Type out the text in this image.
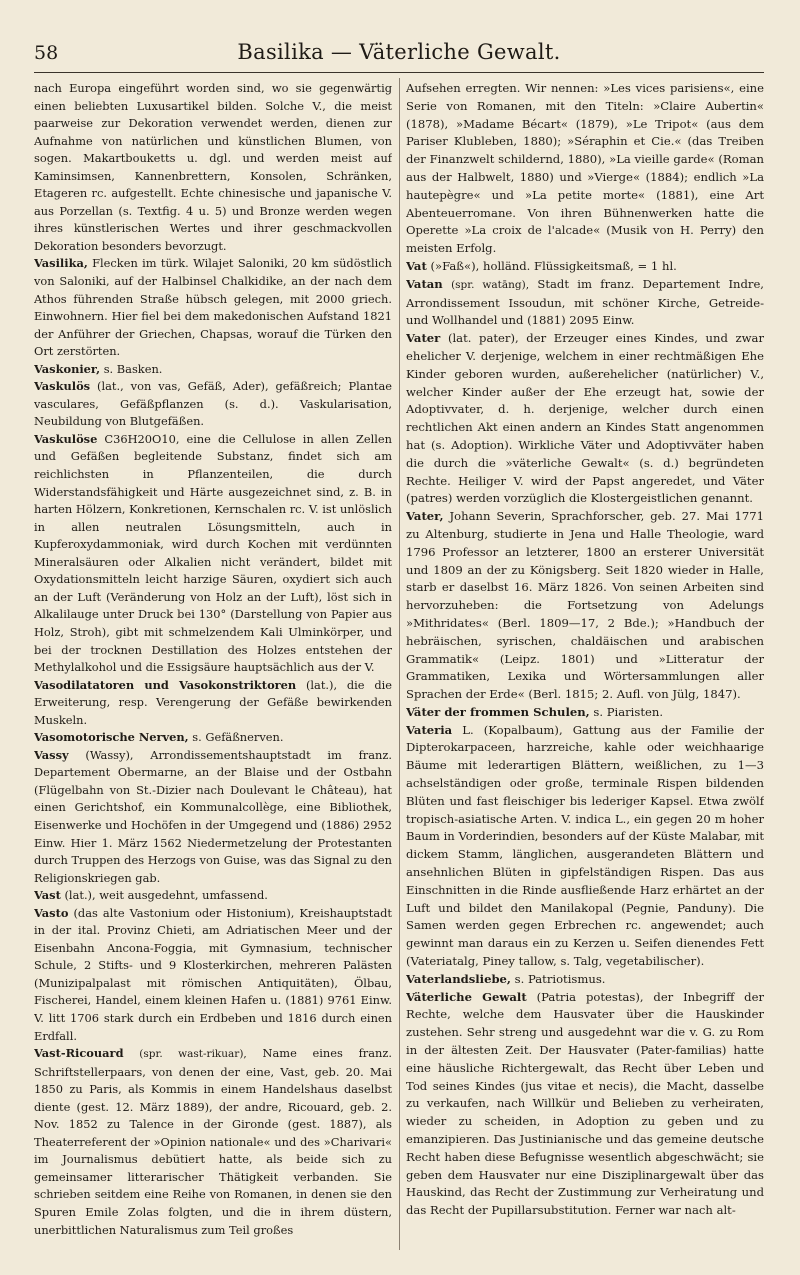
58	Basilika — Väterliche Gewalt.

nach Europa eingeführt worden sind, wo sie gegenwärtig einen beliebten Luxusartikel bilden. Solche V., die meist paarweise zur Dekoration verwendet werden, dienen zur Aufnahme von natürlichen und künstlichen Blumen, von sogen. Makartbouketts u. dgl. und werden meist auf Kaminsimsen, Kannenbrettern, Konsolen, Schränken, Etageren rc. aufgestellt. Echte chinesische und japanische V. aus Porzellan (s. Textfig. 4 u. 5) und Bronze werden wegen ihres künstlerischen Wertes und ihrer geschmackvollen Dekoration besonders bevorzugt.

Vasilika, Flecken im türk. Wilajet Saloniki, 20 km südöstlich von Saloniki, auf der Halbinsel Chalkidike, an der nach dem Athos führenden Straße hübsch gelegen, mit 2000 griech. Einwohnern. Hier fiel bei dem makedonischen Aufstand 1821 der Anführer der Griechen, Chapsas, worauf die Türken den Ort zerstörten.

Vaskonier, s. Basken.

Vaskulös (lat., von vas, Gefäß, Ader), gefäßreich; Plantae vasculares, Gefäßpflanzen (s. d.). Vaskularisation, Neubildung von Blutgefäßen.

Vaskulöse C36H20O10, eine die Cellulose in allen Zellen und Gefäßen begleitende Substanz, findet sich am reichlichsten in Pflanzenteilen, die durch Widerstandsfähigkeit und Härte ausgezeichnet sind, z. B. in harten Hölzern, Konkretionen, Kernschalen rc. V. ist unlöslich in allen neutralen Lösungsmitteln, auch in Kupferoxydammoniak, wird durch Kochen mit verdünnten Mineralsäuren oder Alkalien nicht verändert, bildet mit Oxydationsmitteln leicht harzige Säuren, oxydiert sich auch an der Luft (Veränderung von Holz an der Luft), löst sich in Alkalilauge unter Druck bei 130° (Darstellung von Papier aus Holz, Stroh), gibt mit schmelzendem Kali Ulminkörper, und bei der trocknen Destillation des Holzes entstehen der Methylalkohol und die Essigsäure hauptsächlich aus der V.

Vasodilatatoren und Vasokonstriktoren (lat.), die die Erweiterung, resp. Verengerung der Gefäße bewirkenden Muskeln.

Vasomotorische Nerven, s. Gefäßnerven.

Vassy (Wassy), Arrondissementshauptstadt im franz. Departement Obermarne, an der Blaise und der Ostbahn (Flügelbahn von St.-Dizier nach Doulevant le Château), hat einen Gerichtshof, ein Kommunalcollège, eine Bibliothek, Eisenwerke und Hochöfen in der Umgegend und (1886) 2952 Einw. Hier 1. März 1562 Niedermetzelung der Protestanten durch Truppen des Herzogs von Guise, was das Signal zu den Religionskriegen gab.

Vast (lat.), weit ausgedehnt, umfassend.

Vasto (das alte Vastonium oder Histonium), Kreishauptstadt in der ital. Provinz Chieti, am Adriatischen Meer und der Eisenbahn Ancona-Foggia, mit Gymnasium, technischer Schule, 2 Stifts- und 9 Klosterkirchen, mehreren Palästen (Munizipalpalast mit römischen Antiquitäten), Ölbau, Fischerei, Handel, einem kleinen Hafen u. (1881) 9761 Einw. V. litt 1706 stark durch ein Erdbeben und 1816 durch einen Erdfall.

Vast-Ricouard (spr. wast-rikuar), Name eines franz. Schriftstellerpaars, von denen der eine, Vast, geb. 20. Mai 1850 zu Paris, als Kommis in einem Handelshaus daselbst diente (gest. 12. März 1889), der andre, Ricouard, geb. 2. Nov. 1852 zu Talence in der Gironde (gest. 1887), als Theaterreferent der »Opinion nationale« und des »Charivari« im Journalismus debütiert hatte, als beide sich zu gemeinsamer litterarischer Thätigkeit verbanden. Sie schrieben seitdem eine Reihe von Romanen, in denen sie den Spuren Emile Zolas folgten, und die in ihrem düstern, unerbittlichen Naturalismus zum Teil großes

Aufsehen erregten. Wir nennen: »Les vices parisiens«, eine Serie von Romanen, mit den Titeln: »Claire Aubertin« (1878), »Madame Bécart« (1879), »Le Tripot« (aus dem Pariser Klubleben, 1880); »Séraphin et Cie.« (das Treiben der Finanzwelt schildernd, 1880), »La vieille garde« (Roman aus der Halbwelt, 1880) und »Vierge« (1884); endlich »La hautepègre« und »La petite morte« (1881), eine Art Abenteuerromane. Von ihren Bühnenwerken hatte die Operette »La croix de l'alcade« (Musik von H. Perry) den meisten Erfolg.

Vat (»Faß«), holländ. Flüssigkeitsmaß, = 1 hl.

Vatan (spr. watāng), Stadt im franz. Departement Indre, Arrondissement Issoudun, mit schöner Kirche, Getreide- und Wollhandel und (1881) 2095 Einw.

Vater (lat. pater), der Erzeuger eines Kindes, und zwar ehelicher V. derjenige, welchem in einer rechtmäßigen Ehe Kinder geboren wurden, außerehelicher (natürlicher) V., welcher Kinder außer der Ehe erzeugt hat, sowie der Adoptivvater, d. h. derjenige, welcher durch einen rechtlichen Akt einen andern an Kindes Statt angenommen hat (s. Adoption). Wirkliche Väter und Adoptivväter haben die durch die »väterliche Gewalt« (s. d.) begründeten Rechte. Heiliger V. wird der Papst angeredet, und Väter (patres) werden vorzüglich die Klostergeistlichen genannt.

Vater, Johann Severin, Sprachforscher, geb. 27. Mai 1771 zu Altenburg, studierte in Jena und Halle Theologie, ward 1796 Professor an letzterer, 1800 an ersterer Universität und 1809 an der zu Königsberg. Seit 1820 wieder in Halle, starb er daselbst 16. März 1826. Von seinen Arbeiten sind hervorzuheben: die Fortsetzung von Adelungs »Mithridates« (Berl. 1809—17, 2 Bde.); »Handbuch der hebräischen, syrischen, chaldäischen und arabischen Grammatik« (Leipz. 1801) und »Litteratur der Grammatiken, Lexika und Wörtersammlungen aller Sprachen der Erde« (Berl. 1815; 2. Aufl. von Jülg, 1847).

Väter der frommen Schulen, s. Piaristen.

Vateria L. (Kopalbaum), Gattung aus der Familie der Dipterokarpaceen, harzreiche, kahle oder weichhaarige Bäume mit lederartigen Blättern, weißlichen, zu 1—3 achselständigen oder große, terminale Rispen bildenden Blüten und fast fleischiger bis lederiger Kapsel. Etwa zwölf tropisch-asiatische Arten. V. indica L., ein gegen 20 m hoher Baum in Vorderindien, besonders auf der Küste Malabar, mit dickem Stamm, länglichen, ausgerandeten Blättern und ansehnlichen Blüten in gipfelständigen Rispen. Das aus Einschnitten in die Rinde ausfließende Harz erhärtet an der Luft und bildet den Manilakopal (Pegnie, Panduny). Die Samen werden gegen Erbrechen rc. angewendet; auch gewinnt man daraus ein zu Kerzen u. Seifen dienendes Fett (Vateriatalg, Piney tallow, s. Talg, vegetabilischer).

Vaterlandsliebe, s. Patriotismus.

Väterliche Gewalt (Patria potestas), der Inbegriff der Rechte, welche dem Hausvater über die Hauskinder zustehen. Sehr streng und ausgedehnt war die v. G. zu Rom in der ältesten Zeit. Der Hausvater (Pater-familias) hatte eine häusliche Richtergewalt, das Recht über Leben und Tod seines Kindes (jus vitae et necis), die Macht, dasselbe zu verkaufen, nach Willkür und Belieben zu verheiraten, wieder zu scheiden, in Adoption zu geben und zu emanzipieren. Das Justinianische und das gemeine deutsche Recht haben diese Befugnisse wesentlich abgeschwächt; sie geben dem Hausvater nur eine Disziplinargewalt über das Hauskind, das Recht der Zustimmung zur Verheiratung und das Recht der Pupillarsubstitution. Ferner war nach alt-
